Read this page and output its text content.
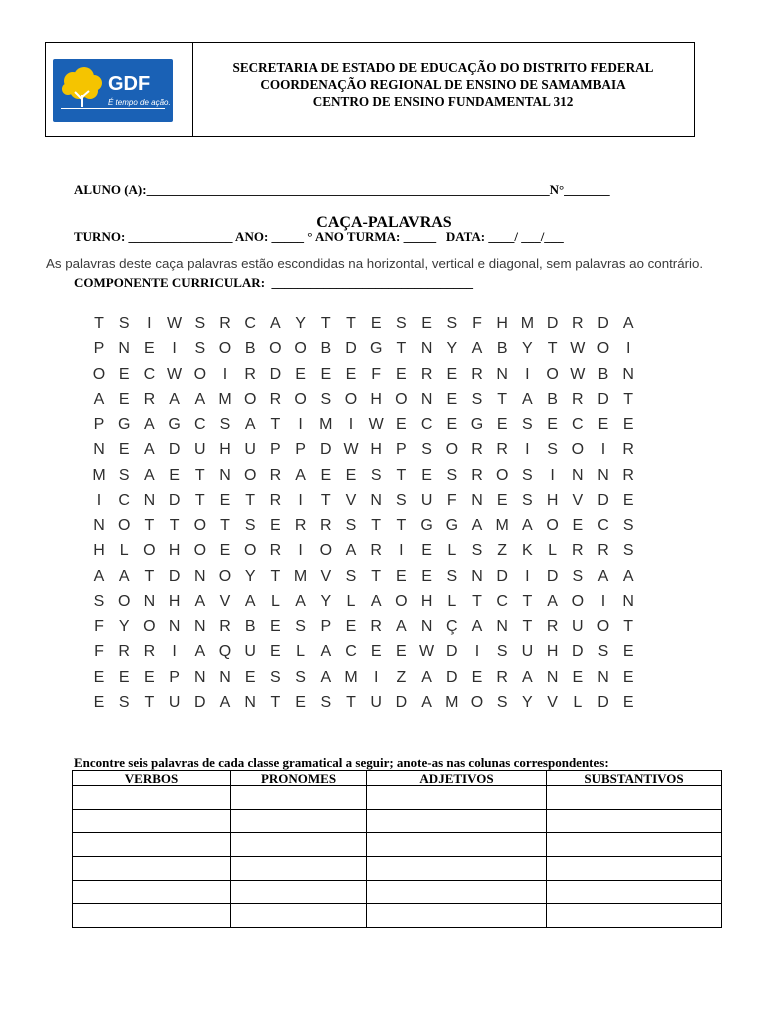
GDF
É tempo de ação.
SECRETARIA DE ESTADO DE EDUCAÇÃO DO DISTRITO FEDERAL
COORDENAÇÃO REGIONAL DE ENSINO DE SAMAMBAIA
CENTRO DE ENSINO FUNDAMENTAL 312

ALUNO (A):______________________________________________________________N°_______

TURNO: ________________ ANO: _____ ° ANO TURMA: _____   DATA: ____/ ___/___

COMPONENTE CURRICULAR:  _______________________________

CAÇA-PALAVRAS
As palavras deste caça palavras estão escondidas na horizontal, vertical e diagonal, sem palavras ao contrário.
T S	I W S R C A Y T T E S E S F H M D R D A
P N E	I	S O B O O B D G T N Y A B Y T W O	I
O E C W O	I	R D E E E F E R E R N	I	O W B N
A E R A A M O R O S O H O N E S T A B R D T
P G A G C S A T	I	M	I W E C E G E S E C E E
N E A D U H U P P D W H P S O R R	I	S O	I	R
M S A E T N O R A E E S T E S R O S	I	N N R
I	C N D T E T R	I	T V N S U F N E S H V D E
N O T T O T S E R R S T T G G A M A O E C S
H L O H O E O R	I	O A R	I	E L S Z K L R R S
A A T D N O Y T M V S T E E S N D	I	D S A A
S O N H A V A L A Y L A O H L T C T A O	I	N
F Y O N N R B E S P E R A N Ç A N T R U O T
F R R	I	A Q U E L A C E E W D	I	S U H D S E
E E E P N N E S S A M	I	Z A D E R A N E N E
E S T U D A N T E S T U D A M O S Y V L D E
Encontre seis palavras de cada classe gramatical a seguir; anote-as nas colunas correspondentes:
VERBOS	PRONOMES	ADJETIVOS	SUBSTANTIVOS
